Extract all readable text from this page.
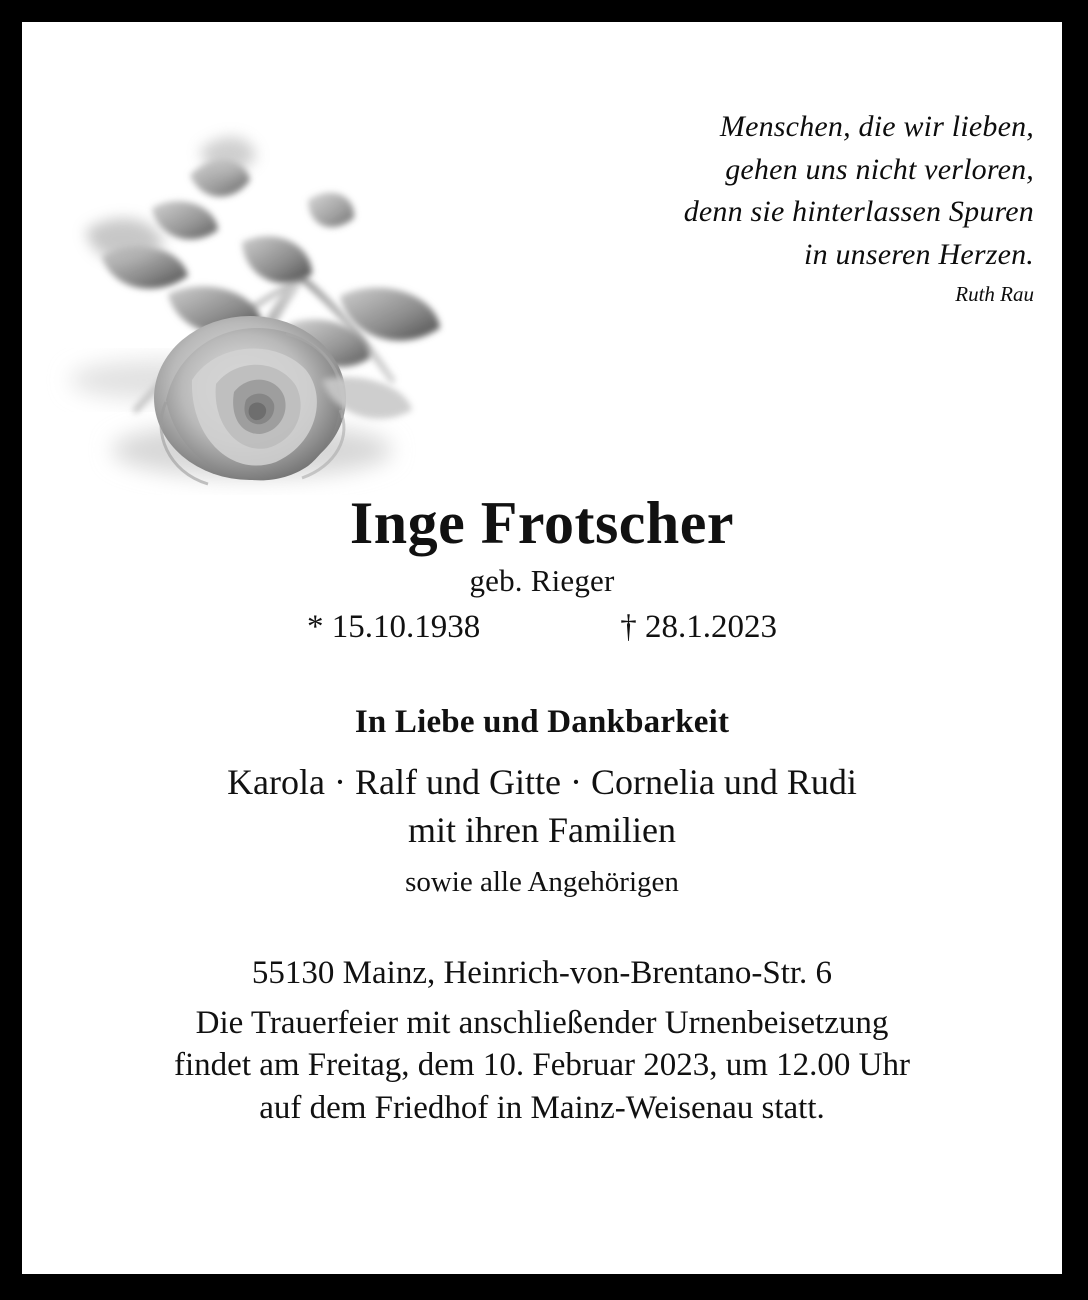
Menschen, die wir lieben,
gehen uns nicht verloren,
denn sie hinterlassen Spuren
in unseren Herzen.
Ruth Rau
Inge Frotscher
geb. Rieger
* 15.10.1938	† 28.1.2023
In Liebe und Dankbarkeit
Karola · Ralf und Gitte · Cornelia und Rudi
mit ihren Familien
sowie alle Angehörigen
55130 Mainz, Heinrich-von-Brentano-Str. 6
Die Trauerfeier mit anschließender Urnenbeisetzung
findet am Freitag, dem 10. Februar 2023, um 12.00 Uhr
auf dem Friedhof in Mainz-Weisenau statt.
